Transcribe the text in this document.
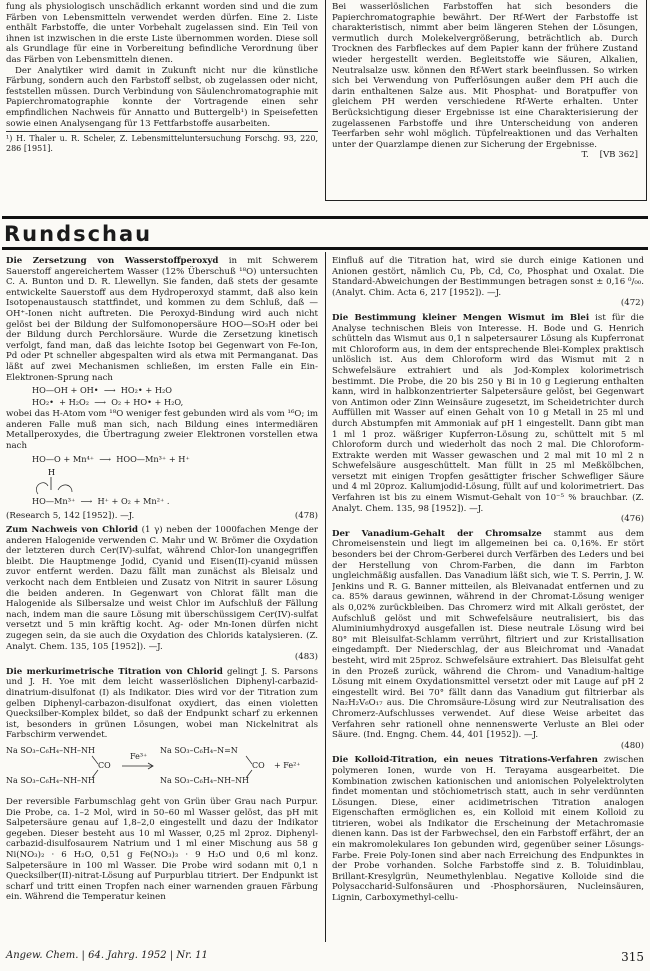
fung als physiologisch unschädlich erkannt worden sind und die zum Färben von Lebensmitteln verwendet werden dürfen. Eine 2. Liste enthält Farbstoffe, die unter Vorbehalt zugelassen sind. Ein Teil von ihnen ist inzwischen in die erste Liste übernommen worden. Diese soll als Grundlage für eine in Vorbereitung befindliche Verordnung über das Färben von Lebensmitteln dienen.

Der Analytiker wird damit in Zukunft nicht nur die künstliche Färbung, sondern auch den Farbstoff selbst, ob zugelassen oder nicht, feststellen müssen. Durch Verbindung von Säulenchromatographie mit Papierchromatographie konnte der Vortragende einen sehr empfindlichen Nachweis für Annatto und Buttergelb¹) in Speisefetten sowie einen Analysengang für 13 Fettfarbstoffe ausarbeiten.

¹) H. Thaler u. R. Scheler, Z. Lebensmitteluntersuchung Forschg. 93, 220, 286 [1951].

Bei wasserlöslichen Farbstoffen hat sich besonders die Papierchromatographie bewährt. Der Rf-Wert der Farbstoffe ist charakteristisch, nimmt aber beim längeren Stehen der Lösungen, vermutlich durch Molekelvergrößerung, beträchtlich ab. Durch Trocknen des Farbfleckes auf dem Papier kann der frühere Zustand wieder hergestellt werden. Begleitstoffe wie Säuren, Alkalien, Neutralsalze usw. können den Rf-Wert stark beeinflussen. So wirken sich bei Verwendung von Pufferlösungen außer dem PH auch die darin enthaltenen Salze aus. Mit Phosphat- und Boratpuffer von gleichem PH werden verschiedene Rf-Werte erhalten. Unter Berücksichtigung dieser Ergebnisse ist eine Charakterisierung der zugelassenen Farbstoffe und ihre Unterscheidung von anderen Teerfarben sehr wohl möglich. Tüpfelreaktionen und das Verhalten unter der Quarzlampe dienen zur Sicherung der Ergebnisse.

T. [VB 362]
Rundschau

Die Zersetzung von Wasserstoffperoxyd in mit Schwerem Sauerstoff angereichertem Wasser (12% Überschuß ¹⁸O) untersuchten C. A. Bunton und D. R. Llewellyn. Sie fanden, daß stets der gesamte entwickelte Sauerstoff aus dem Hydroperoxyd stammt, daß also kein Isotopenaustausch stattfindet, und kommen zu dem Schluß, daß —OH⁺-Ionen nicht auftreten. Die Peroxyd-Bindung wird auch nicht gelöst bei der Bildung der Sulfomonopersäure HOO—SO₃H oder bei der Bildung durch Perchlorsäure. Wurde die Zersetzung kinetisch verfolgt, fand man, daß das leichte Isotop bei Gegenwart von Fe-Ion, Pd oder Pt schneller abgespalten wird als etwa mit Permanganat. Das läßt auf zwei Mechanismen schließen, im ersten Falle ein Ein-Elektronen-Sprung nach

HO—OH + OH•  ⟶  HO₂• + H₂O
HO₂•  + H₂O₂  ⟶  O₂ + HO• + H₂O,

wobei das H-Atom vom ¹⁸O weniger fest gebunden wird als vom ¹⁶O; im anderen Falle muß man sich, nach Bildung eines intermediären Metallperoxydes, die Übertragung zweier Elektronen vorstellen etwa nach

HO—O + Mn⁴⁺  ⟶  HOO—Mn³⁺ + H⁺
H
HO—Mn³⁺  ⟶  H⁺ + O₂ + Mn²⁺ .
(Research 5, 142 [1952]). —J.	(478)

Zum Nachweis von Chlorid (1 γ) neben der 1000fachen Menge der anderen Halogenide verwenden C. Mahr und W. Brömer die Oxydation der letzteren durch Cer(IV)-sulfat, während Chlor-Ion unangegriffen bleibt. Die Hauptmenge Jodid, Cyanid und Eisen(II)-cyanid müssen zuvor entfernt werden. Dazu fällt man zunächst als Bleisalz und verkocht nach dem Entbleien und Zusatz von Nitrit in saurer Lösung die beiden anderen. In Gegenwart von Chlorat fällt man die Halogenide als Silbersalze und weist Chlor im Aufschluß der Fällung nach, indem man die saure Lösung mit überschüssigem Cer(IV)-sulfat versetzt und 5 min kräftig kocht. Ag- oder Mn-Ionen dürfen nicht zugegen sein, da sie auch die Oxydation des Chlorids katalysieren. (Z. Analyt. Chem. 135, 105 [1952]). —J.

(483)

Die merkurimetrische Titration von Chlorid gelingt J. S. Parsons und J. H. Yoe mit dem leicht wasserlöslichen Diphenyl-carbazid-dinatrium-disulfonat (I) als Indikator. Dies wird vor der Titration zum gelben Diphenyl-carbazon-disulfonat oxydiert, das einen violetten Quecksilber-Komplex bildet, so daß der Endpunkt scharf zu erkennen ist, besonders in grünen Lösungen, wobei man Nickelnitrat als Farbschirm verwendet.

Na SO₃–C₆H₄–NH–NH
CO
Na SO₃–C₆H₄–NH–NH
Fe³⁺
Na SO₃–C₆H₄–N=N
CO + Fe²⁺
Na SO₃–C₆H₄–NH–NH

Der reversible Farbumschlag geht von Grün über Grau nach Purpur. Die Probe, ca. 1–2 Mol, wird in 50–60 ml Wasser gelöst, das pH mit Salpetersäure genau auf 1,8–2,0 eingestellt und dazu der Indikator gegeben. Dieser besteht aus 10 ml Wasser, 0,25 ml 2proz. Diphenyl-carbazid-disulfosaurem Natrium und 1 ml einer Mischung aus 58 g Ni(NO₃)₂ · 6 H₂O, 0,51 g Fe(NO₃)₃ · 9 H₂O und 0,6 ml konz. Salpetersäure in 100 ml Wasser. Die Probe wird sodann mit 0,1 n Quecksilber(II)-nitrat-Lösung auf Purpurblau titriert. Der Endpunkt ist scharf und tritt einen Tropfen nach einer warnenden grauen Färbung ein. Während die Temperatur keinen

Einfluß auf die Titration hat, wird sie durch einige Kationen und Anionen gestört, nämlich Cu, Pb, Cd, Co, Phosphat und Oxalat. Die Standard-Abweichungen der Bestimmungen betragen sonst ± 0,16 ⁰/₀₀. (Analyt. Chim. Acta 6, 217 [1952]). —J.

(472)

Die Bestimmung kleiner Mengen Wismut im Blei ist für die Analyse technischen Bleis von Interesse. H. Bode und G. Henrich schütteln das Wismut aus 0,1 n salpetersaurer Lösung als Kupferronat mit Chloroform aus, in dem der entsprechende Blei-Komplex praktisch unlöslich ist. Aus dem Chloroform wird das Wismut mit 2 n Schwefelsäure extrahiert und als Jod-Komplex kolorimetrisch bestimmt. Die Probe, die 20 bis 250 γ Bi in 10 g Legierung enthalten kann, wird in halbkonzentrierter Salpetersäure gelöst, bei Gegenwart von Antimon oder Zinn Weinsäure zugesetzt, im Scheidetrichter durch Auffüllen mit Wasser auf einen Gehalt von 10 g Metall in 25 ml und durch Abstumpfen mit Ammoniak auf pH 1 eingestellt. Dann gibt man 1 ml 1 proz. wäßriger Kupferron-Lösung zu, schüttelt mit 5 ml Chloroform durch und wiederholt das noch 2 mal. Die Chloroform-Extrakte werden mit Wasser gewaschen und 2 mal mit 10 ml 2 n Schwefelsäure ausgeschüttelt. Man füllt in 25 ml Meßkölbchen, versetzt mit einigen Tropfen gesättigter frischer Schwefliger Säure und 4 ml 20proz. Kaliumjodid-Lösung, füllt auf und kolorimetriert. Das Verfahren ist bis zu einem Wismut-Gehalt von 10⁻⁵ % brauchbar. (Z. Analyt. Chem. 135, 98 [1952]). —J.

(476)

Der Vanadium-Gehalt der Chromsalze stammt aus dem Chromeisenstein und liegt im allgemeinen bei ca. 0,16%. Er stört besonders bei der Chrom-Gerberei durch Verfärben des Leders und bei der Herstellung von Chrom-Farben, die dann im Farbton ungleichmäßig ausfallen. Das Vanadium läßt sich, wie T. S. Perrin, J. W. Jenkins und R. G. Banner mitteilen, als Bleivanadat entfernen und zu ca. 85% daraus gewinnen, während in der Chromat-Lösung weniger als 0,02% zurückbleiben. Das Chromerz wird mit Alkali geröstet, der Aufschluß gelöst und mit Schwefelsäure neutralisiert, bis das Aluminiumhydroxyd ausgefallen ist. Diese neutrale Lösung wird bei 80° mit Bleisulfat-Schlamm verrührt, filtriert und zur Kristallisation eingedampft. Der Niederschlag, der aus Bleichromat und -Vanadat besteht, wird mit 25proz. Schwefelsäure extrahiert. Das Bleisulfat geht in den Prozeß zurück, während die Chrom- und Vanadium-haltige Lösung mit einem Oxydationsmittel versetzt oder mit Lauge auf pH 2 eingestellt wird. Bei 70° fällt dann das Vanadium gut filtrierbar als Na₂H₂V₆O₁₇ aus. Die Chromsäure-Lösung wird zur Neutralisation des Chromerz-Aufschlusses verwendet. Auf diese Weise arbeitet das Verfahren sehr rationell ohne nennenswerte Verluste an Blei oder Säure. (Ind. Engng. Chem. 44, 401 [1952]). —J.

(480)

Die Kolloid-Titration, ein neues Titrations-Verfahren zwischen polymeren Ionen, wurde von H. Terayama ausgearbeitet. Die Kombination zwischen kationischen und anionischen Polyelektrolyten findet momentan und stöchiometrisch statt, auch in sehr verdünnten Lösungen. Diese, einer acidimetrischen Titration analogen Eigenschaften ermöglichen es, ein Kolloid mit einem Kolloid zu titrieren, wobei als Indikator die Erscheinung der Metachromasie dienen kann. Das ist der Farbwechsel, den ein Farbstoff erfährt, der an ein makromolekulares Ion gebunden wird, gegenüber seiner Lösungs-Farbe. Freie Poly-Ionen sind aber nach Erreichung des Endpunktes in der Probe vorhanden. Solche Farbstoffe sind z. B. Toluidinblau, Brillant-Kresylgrün, Neumethylenblau. Negative Kolloide sind die Polysaccharid-Sulfonsäuren und -Phosphorsäuren, Nucleinsäuren, Lignin, Carboxymethyl-cellu-

Angew. Chem. | 64. Jahrg. 1952 | Nr. 11	315
